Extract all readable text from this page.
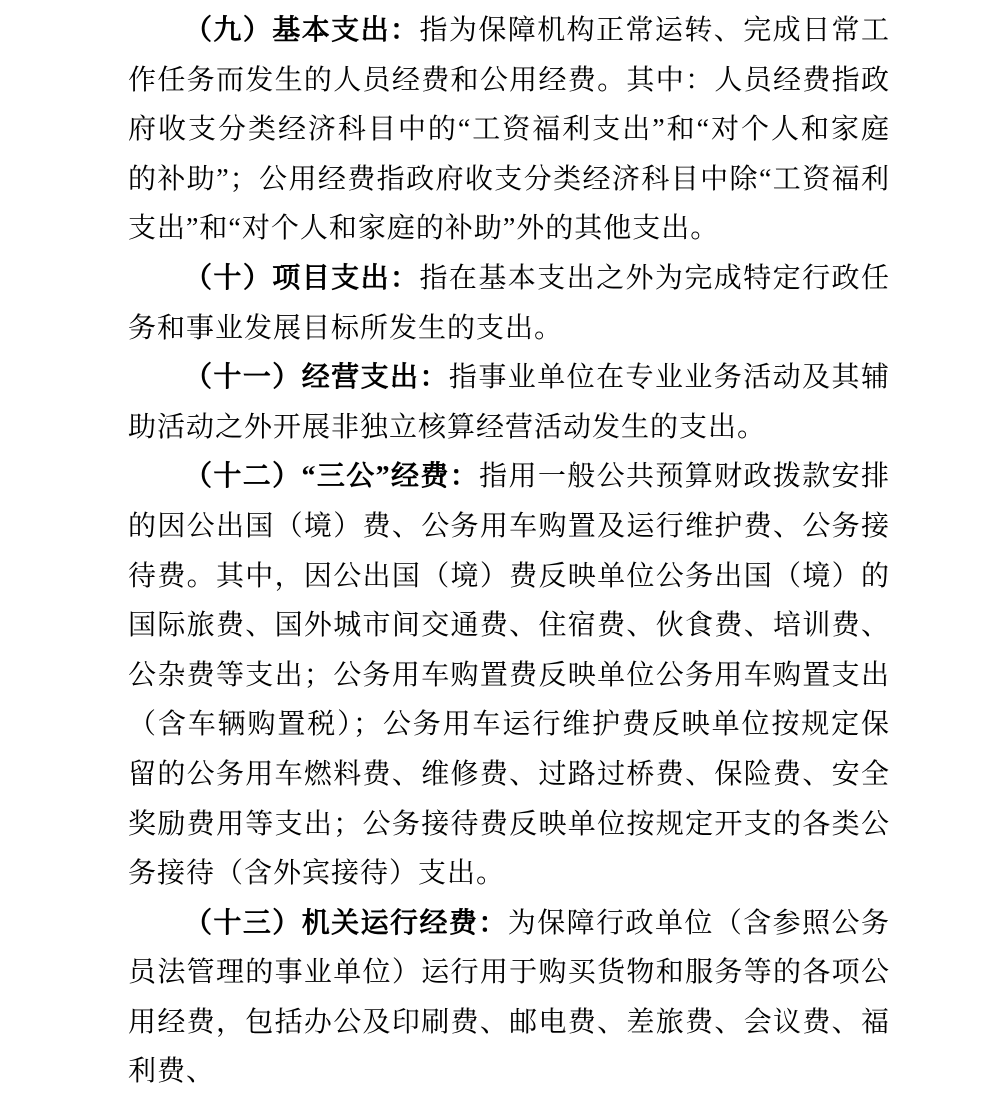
（九）基本支出：指为保障机构正常运转、完成日常工作任务而发生的人员经费和公用经费。其中：人员经费指政府收支分类经济科目中的“工资福利支出”和“对个人和家庭的补助”；公用经费指政府收支分类经济科目中除“工资福利支出”和“对个人和家庭的补助”外的其他支出。

（十）项目支出：指在基本支出之外为完成特定行政任务和事业发展目标所发生的支出。

（十一）经营支出：指事业单位在专业业务活动及其辅助活动之外开展非独立核算经营活动发生的支出。

（十二）“三公”经费：指用一般公共预算财政拨款安排的因公出国（境）费、公务用车购置及运行维护费、公务接待费。其中，因公出国（境）费反映单位公务出国（境）的国际旅费、国外城市间交通费、住宿费、伙食费、培训费、公杂费等支出；公务用车购置费反映单位公务用车购置支出（含车辆购置税）；公务用车运行维护费反映单位按规定保留的公务用车燃料费、维修费、过路过桥费、保险费、安全奖励费用等支出；公务接待费反映单位按规定开支的各类公务接待（含外宾接待）支出。

（十三）机关运行经费：为保障行政单位（含参照公务员法管理的事业单位）运行用于购买货物和服务等的各项公用经费，包括办公及印刷费、邮电费、差旅费、会议费、福利费、
